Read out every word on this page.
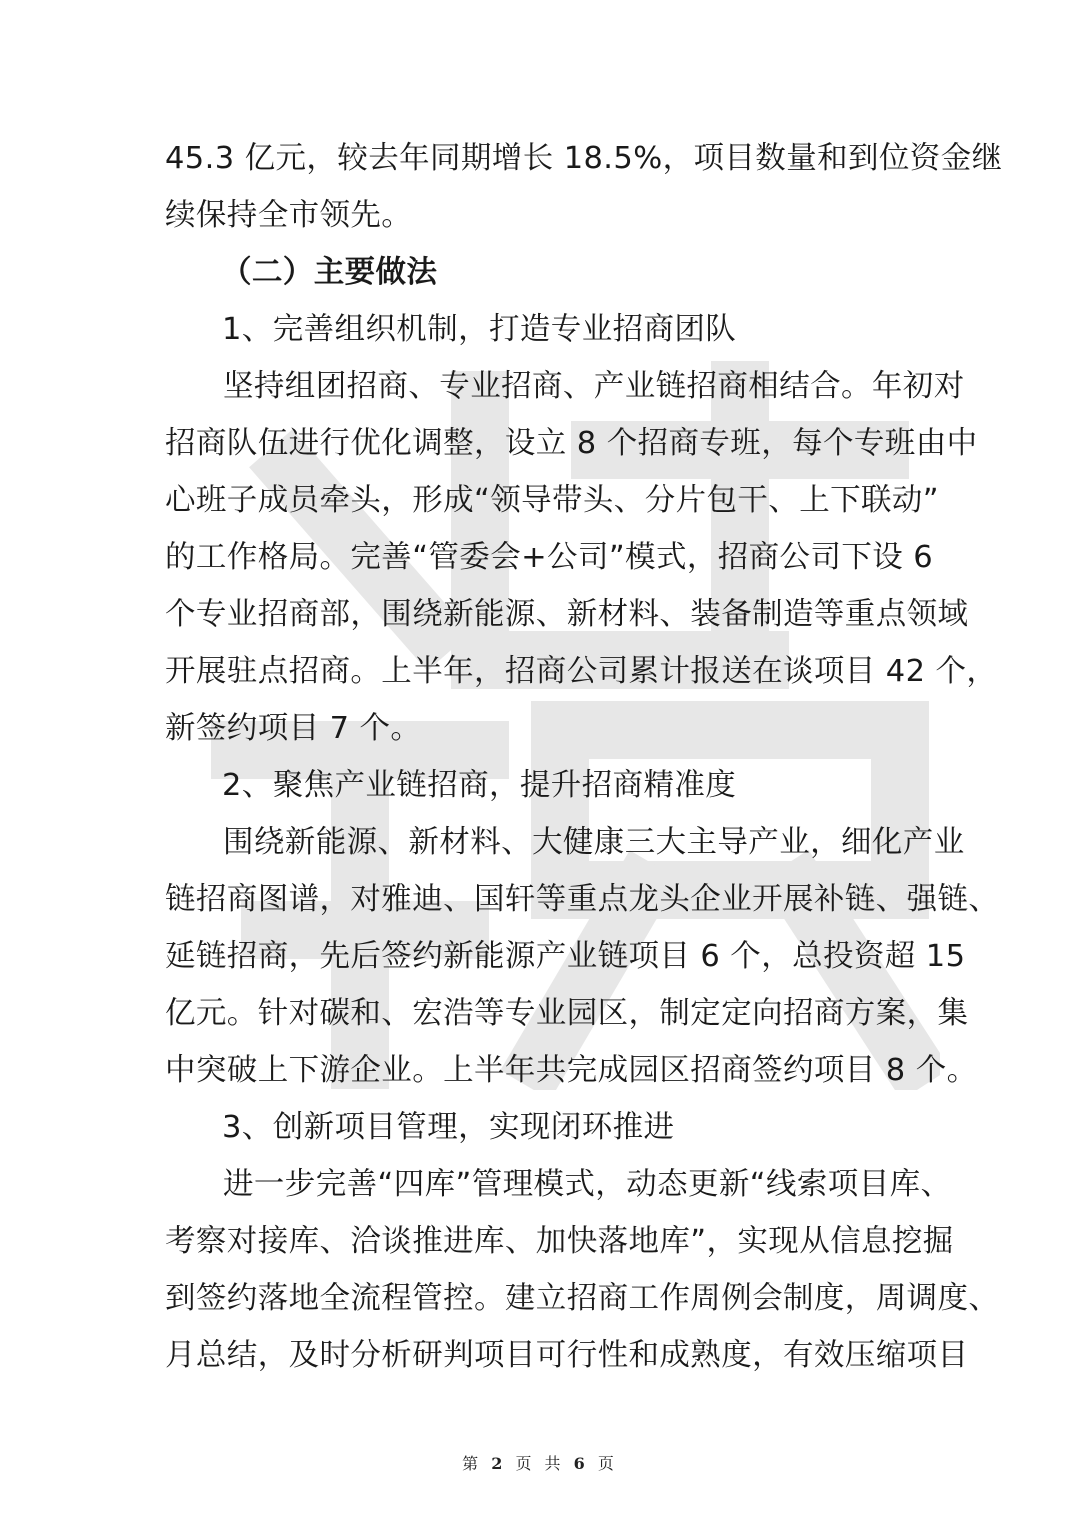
45.3 亿元，较去年同期增长 18.5%，项目数量和到位资金继
续保持全市领先。
（二）主要做法
1、完善组织机制，打造专业招商团队
坚持组团招商、专业招商、产业链招商相结合。年初对
招商队伍进行优化调整，设立 8 个招商专班，每个专班由中
心班子成员牵头，形成“领导带头、分片包干、上下联动”
的工作格局。完善“管委会+公司”模式，招商公司下设 6
个专业招商部，围绕新能源、新材料、装备制造等重点领域
开展驻点招商。上半年，招商公司累计报送在谈项目 42 个，
新签约项目 7 个。
2、聚焦产业链招商，提升招商精准度
围绕新能源、新材料、大健康三大主导产业，细化产业
链招商图谱，对雅迪、国轩等重点龙头企业开展补链、强链、
延链招商，先后签约新能源产业链项目 6 个，总投资超 15
亿元。针对碳和、宏浩等专业园区，制定定向招商方案，集
中突破上下游企业。上半年共完成园区招商签约项目 8 个。
3、创新项目管理，实现闭环推进
进一步完善“四库”管理模式，动态更新“线索项目库、
考察对接库、洽谈推进库、加快落地库”，实现从信息挖掘
到签约落地全流程管控。建立招商工作周例会制度，周调度、
月总结，及时分析研判项目可行性和成熟度，有效压缩项目
第 2 页 共 6 页
